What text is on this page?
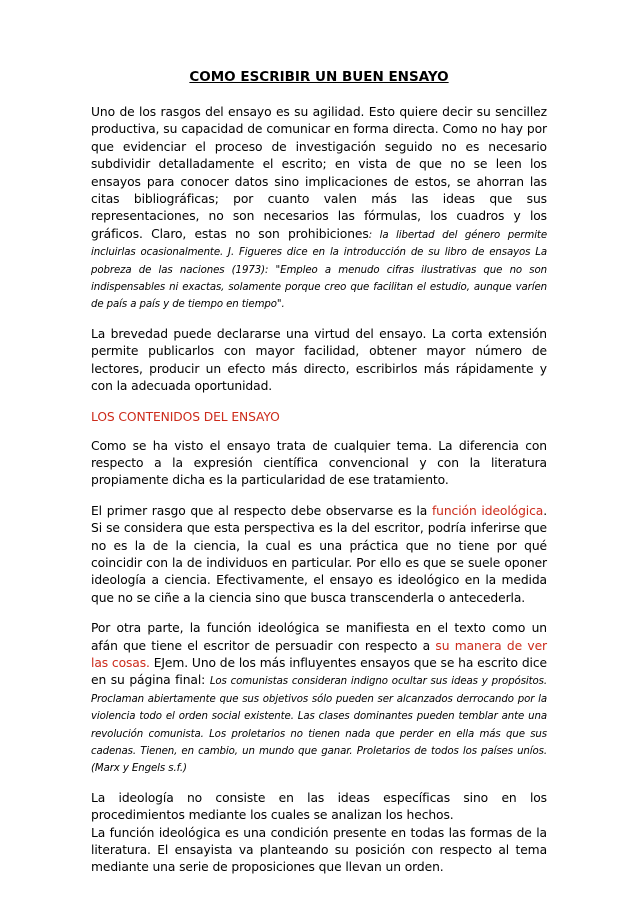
COMO ESCRIBIR UN BUEN ENSAYO

Uno de los rasgos del ensayo es su agilidad. Esto quiere decir su sencillez productiva, su capacidad de comunicar en forma directa. Como no hay por que evidenciar el proceso de investigación seguido no es necesario subdividir detalladamente el escrito; en vista de que no se leen los ensayos para conocer datos sino implicaciones de estos, se ahorran las citas bibliográficas; por cuanto valen más las ideas que sus representaciones, no son necesarios las fórmulas, los cuadros y los gráficos. Claro, estas no son prohibiciones: la libertad del género permite incluirlas ocasionalmente. J. Figueres dice en la introducción de su libro de ensayos La pobreza de las naciones (1973): "Empleo a menudo cifras ilustrativas que no son indispensables ni exactas, solamente porque creo que facilitan el estudio, aunque varíen de país a país y de tiempo en tiempo".

La brevedad puede declararse una virtud del ensayo. La corta extensión permite publicarlos con mayor facilidad, obtener mayor número de lectores, producir un efecto más directo, escribirlos más rápidamente y con la adecuada oportunidad.

LOS CONTENIDOS DEL ENSAYO

Como se ha visto el ensayo trata de cualquier tema. La diferencia con respecto a la expresión científica convencional y con la literatura propiamente dicha es la particularidad de ese tratamiento.

El primer rasgo que al respecto debe observarse es la función ideológica. Si se considera que esta perspectiva es la del escritor, podría inferirse que no es la de la ciencia, la cual es una práctica que no tiene por qué coincidir con la de individuos en particular. Por ello es que se suele oponer ideología a ciencia. Efectivamente, el ensayo es ideológico en la medida que no se ciñe a la ciencia sino que busca transcenderla o antecederla.

Por otra parte, la función ideológica se manifiesta en el texto como un afán que tiene el escritor de persuadir con respecto a su manera de ver las cosas. EJem. Uno de los más influyentes ensayos que se ha escrito dice en su página final: Los comunistas consideran indigno ocultar sus ideas y propósitos. Proclaman abiertamente que sus objetivos sólo pueden ser alcanzados derrocando por la violencia todo el orden social existente. Las clases dominantes pueden temblar ante una revolución comunista. Los proletarios no tienen nada que perder en ella más que sus cadenas. Tienen, en cambio, un mundo que ganar. Proletarios de todos los países uníos. (Marx y Engels s.f.)

La ideología no consiste en las ideas específicas sino en los procedimientos mediante los cuales se analizan los hechos.

La función ideológica es una condición presente en todas las formas de la literatura. El ensayista va planteando su posición con respecto al tema mediante una serie de proposiciones que llevan un orden.
